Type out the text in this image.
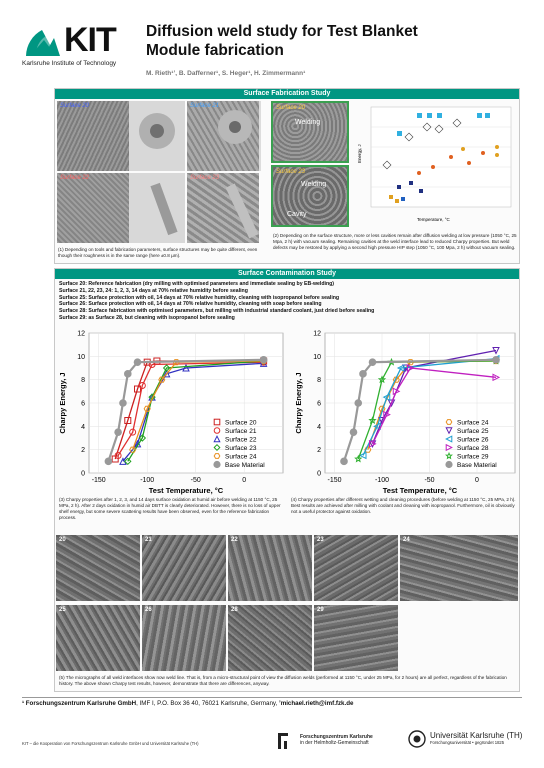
KIT
Karlsruhe Institute of Technology
Diffusion weld study for Test Blanket
Module fabrication
M. Rieth¹’, B. Dafferner¹, S. Heger¹, H. Zimmermann¹
Surface Fabrication Study
Surface 20	Surface 21
Surface 22	Surface 23
(1) Depending on tools and fabrication parameters, surface structures may be quite different, even though their roughness is in the same range (here ±0.8 µm).
Surface 20
Welding
Surface 23
Welding
Cavity
Energy, J
Temperature, °C
(2) Depending on the surface structure, more or less cavities remain after diffusion welding at low pressure (1050 °C, 25 Mpa, 2 h) with vacuum sealing. Remaining cavities at the weld interface lead to reduced Charpy properties. But weld defects may be restored by applying a second high pressure HIP step (1050 °C, 100 Mpa, 2 h) without vacuum sealing.
Surface Contamination Study
Surface 20: Reference fabrication (dry milling with optimised parameters and immediate sealing by EB-welding)
Surface 21, 22, 23, 24: 1, 2, 3, 14 days at 70% relative humidity before sealing
Surface 25: Surface protection with oil, 14 days at 70% relative humidity, cleaning with isopropanol before sealing
Surface 26: Surface protection with oil, 14 days at 70% relative humidity, cleaning with soap before sealing
Surface 28: Surface fabrication with optimised parameters, but milling with industrial standard coolant, just dried before sealing
Surface 29: as Surface 28, but cleaning with isopropanol before sealing
0
2
4
6
8
10
12
-150	-100	-50	0
Test Temperature, °C
Charpy Energy, J	Surface 20
Surface 21
Surface 22
Surface 23
Surface 24
Base Material
0
2
4
6
8
10
12
-150	-100	-50	0
Test Temperature, °C
Charpy Energy, J	Surface 24
Surface 25
Surface 26
Surface 28
Surface 29
Base Material
(3) Charpy properties after 1, 2, 3, and 14 days surface oxidation at humid air before welding at 1150 °C, 25 MPa, 2 h). After 2 days oxidation in humid air DBTT is clearly deteriorated. However, there is no loss of upper shelf energy, but some severe scattering results have been observed, even for the reference fabrication process.
(4) Charpy properties after different wetting and cleaning procedures (before welding at 1150 °C, 25 MPa, 2 h). Best results are achieved after milling with coolant and cleaning with isopropanol. Furthermore, oil is obviously not a useful protector against oxidation.
20	21	22	23	24
25	26	28	29
(5) The micrographs of all weld interfaces show now weld line. That is, from a micro-structural point of view the diffusion welds (performed at 1150 °C, under 25 MPa, for 2 hours) are all perfect, regardless of the fabrication history. The above shown Charpy test results, however, demonstrate that there are differences, anyway.
¹ Forschungszentrum Karlsruhe GmbH, IMF I, P.O. Box 36 40, 76021 Karlsruhe, Germany, ’michael.rieth@imf.fzk.de
KIT – die Kooperation von Forschungszentrum Karlsruhe GmbH und Universität Karlsruhe (TH)
Forschungszentrum Karlsruhe
in der Helmholtz-Gemeinschaft
Universität Karlsruhe (TH)
Forschungsuniversität • gegründet 1825
